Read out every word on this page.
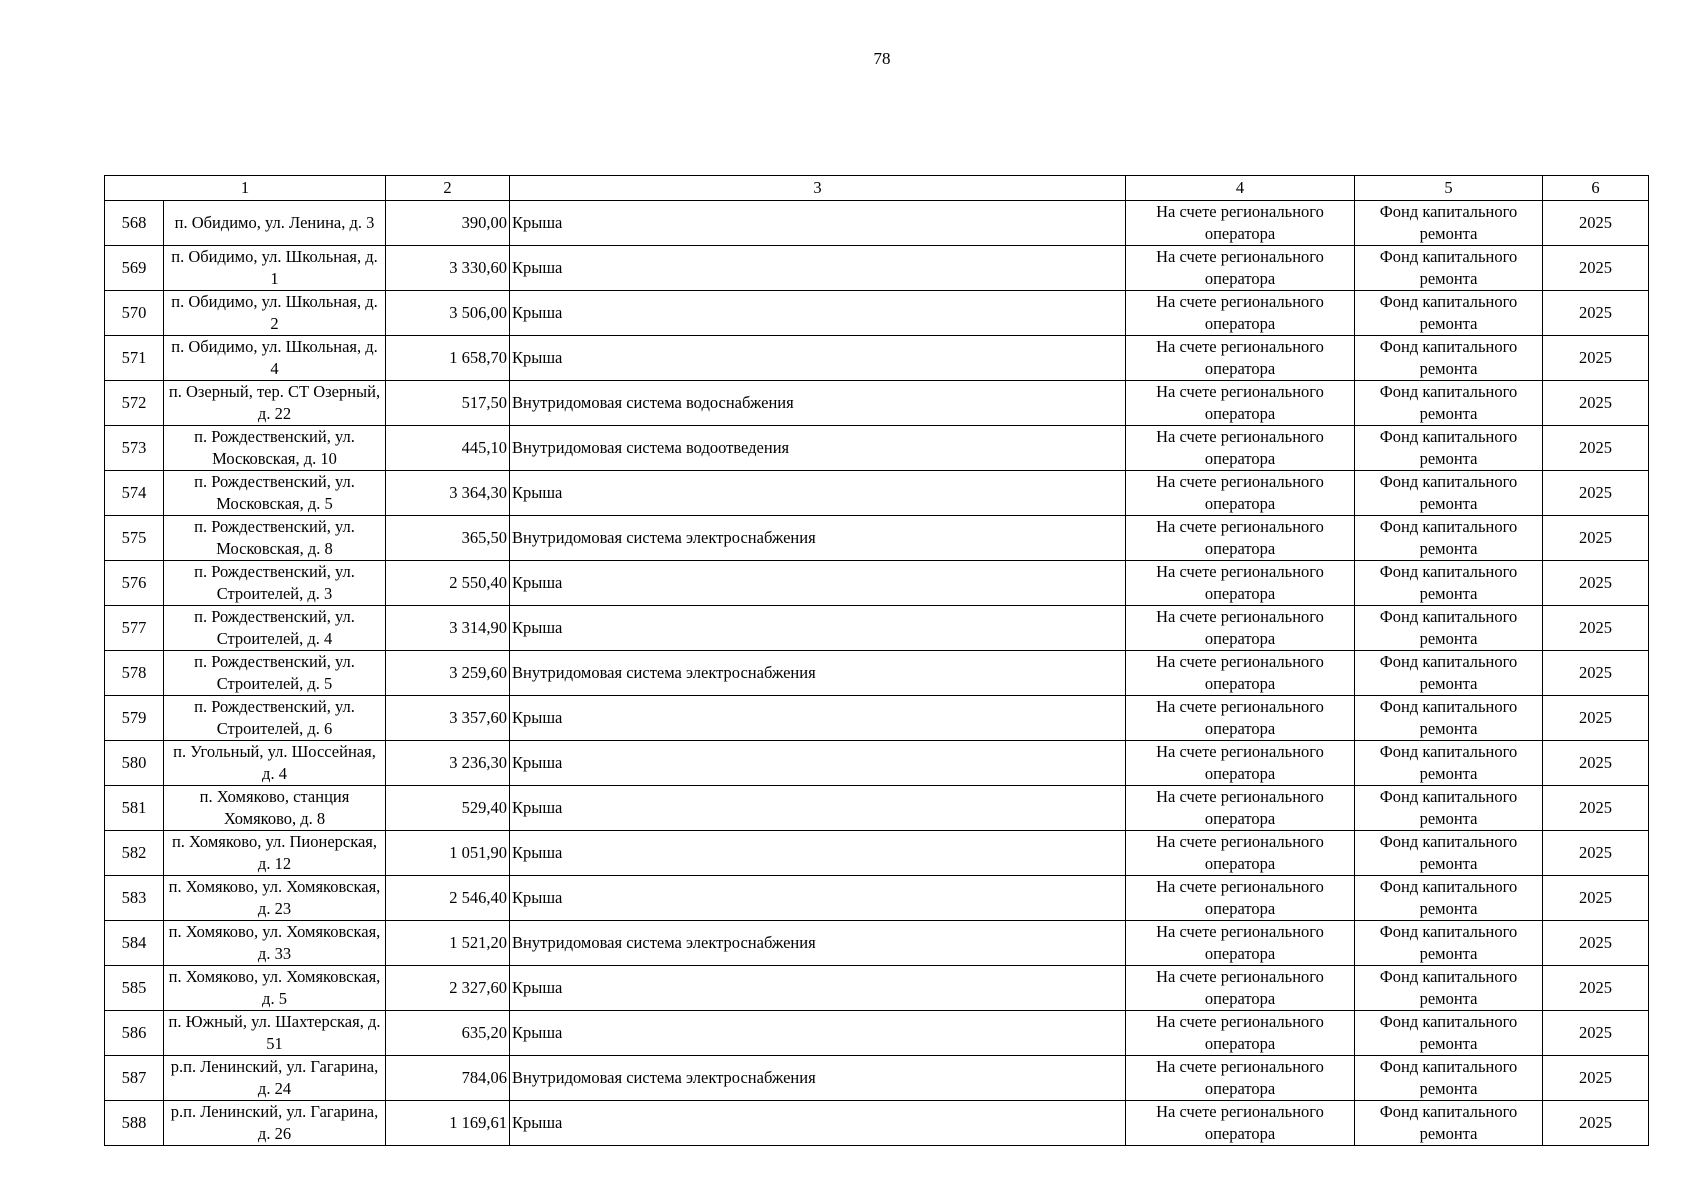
78
1		2	3	4	5	6
568	п. Обидимо, ул. Ленина, д. 3	390,00	Крыша	На счете регионального оператора	Фонд капитального ремонта	2025
569	п. Обидимо, ул. Школьная, д. 1	3 330,60	Крыша	На счете регионального оператора	Фонд капитального ремонта	2025
570	п. Обидимо, ул. Школьная, д. 2	3 506,00	Крыша	На счете регионального оператора	Фонд капитального ремонта	2025
571	п. Обидимо, ул. Школьная, д. 4	1 658,70	Крыша	На счете регионального оператора	Фонд капитального ремонта	2025
572	п. Озерный, тер. СТ Озерный, д. 22	517,50	Внутридомовая система водоснабжения	На счете регионального оператора	Фонд капитального ремонта	2025
573	п. Рождественский, ул. Московская, д. 10	445,10	Внутридомовая система водоотведения	На счете регионального оператора	Фонд капитального ремонта	2025
574	п. Рождественский, ул. Московская, д. 5	3 364,30	Крыша	На счете регионального оператора	Фонд капитального ремонта	2025
575	п. Рождественский, ул. Московская, д. 8	365,50	Внутридомовая система электроснабжения	На счете регионального оператора	Фонд капитального ремонта	2025
576	п. Рождественский, ул. Строителей, д. 3	2 550,40	Крыша	На счете регионального оператора	Фонд капитального ремонта	2025
577	п. Рождественский, ул. Строителей, д. 4	3 314,90	Крыша	На счете регионального оператора	Фонд капитального ремонта	2025
578	п. Рождественский, ул. Строителей, д. 5	3 259,60	Внутридомовая система электроснабжения	На счете регионального оператора	Фонд капитального ремонта	2025
579	п. Рождественский, ул. Строителей, д. 6	3 357,60	Крыша	На счете регионального оператора	Фонд капитального ремонта	2025
580	п. Угольный, ул. Шоссейная, д. 4	3 236,30	Крыша	На счете регионального оператора	Фонд капитального ремонта	2025
581	п. Хомяково, станция Хомяково, д. 8	529,40	Крыша	На счете регионального оператора	Фонд капитального ремонта	2025
582	п. Хомяково, ул. Пионерская, д. 12	1 051,90	Крыша	На счете регионального оператора	Фонд капитального ремонта	2025
583	п. Хомяково, ул. Хомяковская, д. 23	2 546,40	Крыша	На счете регионального оператора	Фонд капитального ремонта	2025
584	п. Хомяково, ул. Хомяковская, д. 33	1 521,20	Внутридомовая система электроснабжения	На счете регионального оператора	Фонд капитального ремонта	2025
585	п. Хомяково, ул. Хомяковская, д. 5	2 327,60	Крыша	На счете регионального оператора	Фонд капитального ремонта	2025
586	п. Южный, ул. Шахтерская, д. 51	635,20	Крыша	На счете регионального оператора	Фонд капитального ремонта	2025
587	р.п. Ленинский, ул. Гагарина, д. 24	784,06	Внутридомовая система электроснабжения	На счете регионального оператора	Фонд капитального ремонта	2025
588	р.п. Ленинский, ул. Гагарина, д. 26	1 169,61	Крыша	На счете регионального оператора	Фонд капитального ремонта	2025
